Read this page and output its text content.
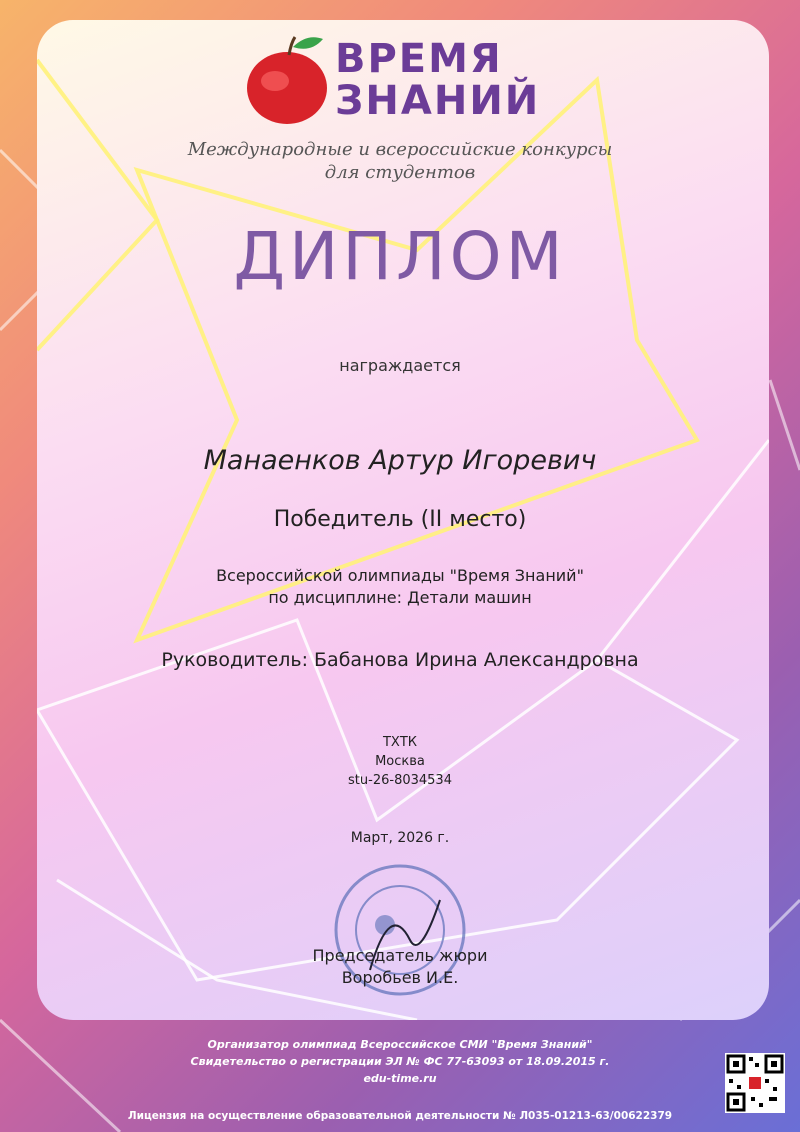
ВРЕМЯ
ЗНАНИЙ
Международные и всероссийские конкурсы
для студентов
ДИПЛОМ
награждается
Манаенков Артур Игоревич
Победитель (II место)
Всероссийской олимпиады "Время Знаний"
по дисциплине: Детали машин
Руководитель: Бабанова Ирина Александровна
ТХТК
Москва
stu-26-8034534
Март, 2026 г.
Председатель жюри
Воробьев И.Е.
Организатор олимпиад Всероссийское СМИ "Время Знаний"
Свидетельство о регистрации ЭЛ № ФС 77-63093 от 18.09.2015 г.
edu-time.ru
Лицензия на осуществление образовательной деятельности № Л035-01213-63/00622379
